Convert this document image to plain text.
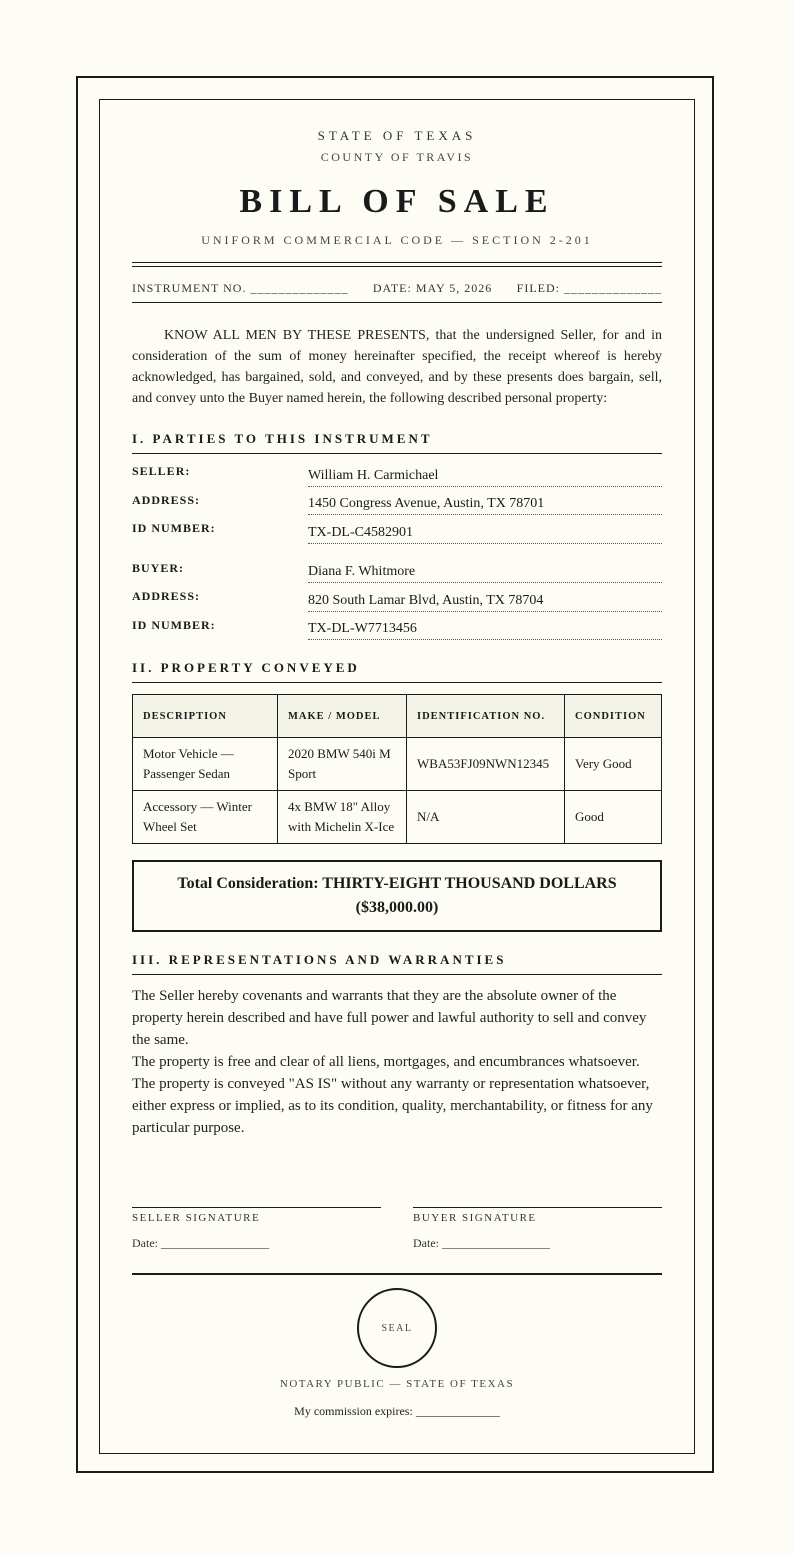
STATE OF TEXAS
COUNTY OF TRAVIS
BILL OF SALE
UNIFORM COMMERCIAL CODE — SECTION 2-201
INSTRUMENT NO. ______________ DATE: MAY 5, 2026 FILED: ______________
KNOW ALL MEN BY THESE PRESENTS, that the undersigned Seller, for and in consideration of the sum of money hereinafter specified, the receipt whereof is hereby acknowledged, has bargained, sold, and conveyed, and by these presents does bargain, sell, and convey unto the Buyer named herein, the following described personal property:
I. PARTIES TO THIS INSTRUMENT
SELLER:	William H. Carmichael
ADDRESS:	1450 Congress Avenue, Austin, TX 78701
ID NUMBER:	TX-DL-C4582901
BUYER:	Diana F. Whitmore
ADDRESS:	820 South Lamar Blvd, Austin, TX 78704
ID NUMBER:	TX-DL-W7713456
II. PROPERTY CONVEYED
DESCRIPTION	MAKE / MODEL	IDENTIFICATION NO.	CONDITION
Motor Vehicle — Passenger Sedan	2020 BMW 540i M Sport	WBA53FJ09NWN12345	Very Good
Accessory — Winter Wheel Set	4x BMW 18" Alloy with Michelin X-Ice	N/A	Good
Total Consideration: THIRTY-EIGHT THOUSAND DOLLARS ($38,000.00)
III. REPRESENTATIONS AND WARRANTIES

The Seller hereby covenants and warrants that they are the absolute owner of the property herein described and have full power and lawful authority to sell and convey the same.

The property is free and clear of all liens, mortgages, and encumbrances whatsoever.

The property is conveyed "AS IS" without any warranty or representation whatsoever, either express or implied, as to its condition, quality, merchantability, or fitness for any particular purpose.

SELLER SIGNATURE
Date: __________________
BUYER SIGNATURE
Date: __________________
SEAL
NOTARY PUBLIC — STATE OF TEXAS
My commission expires: ______________
